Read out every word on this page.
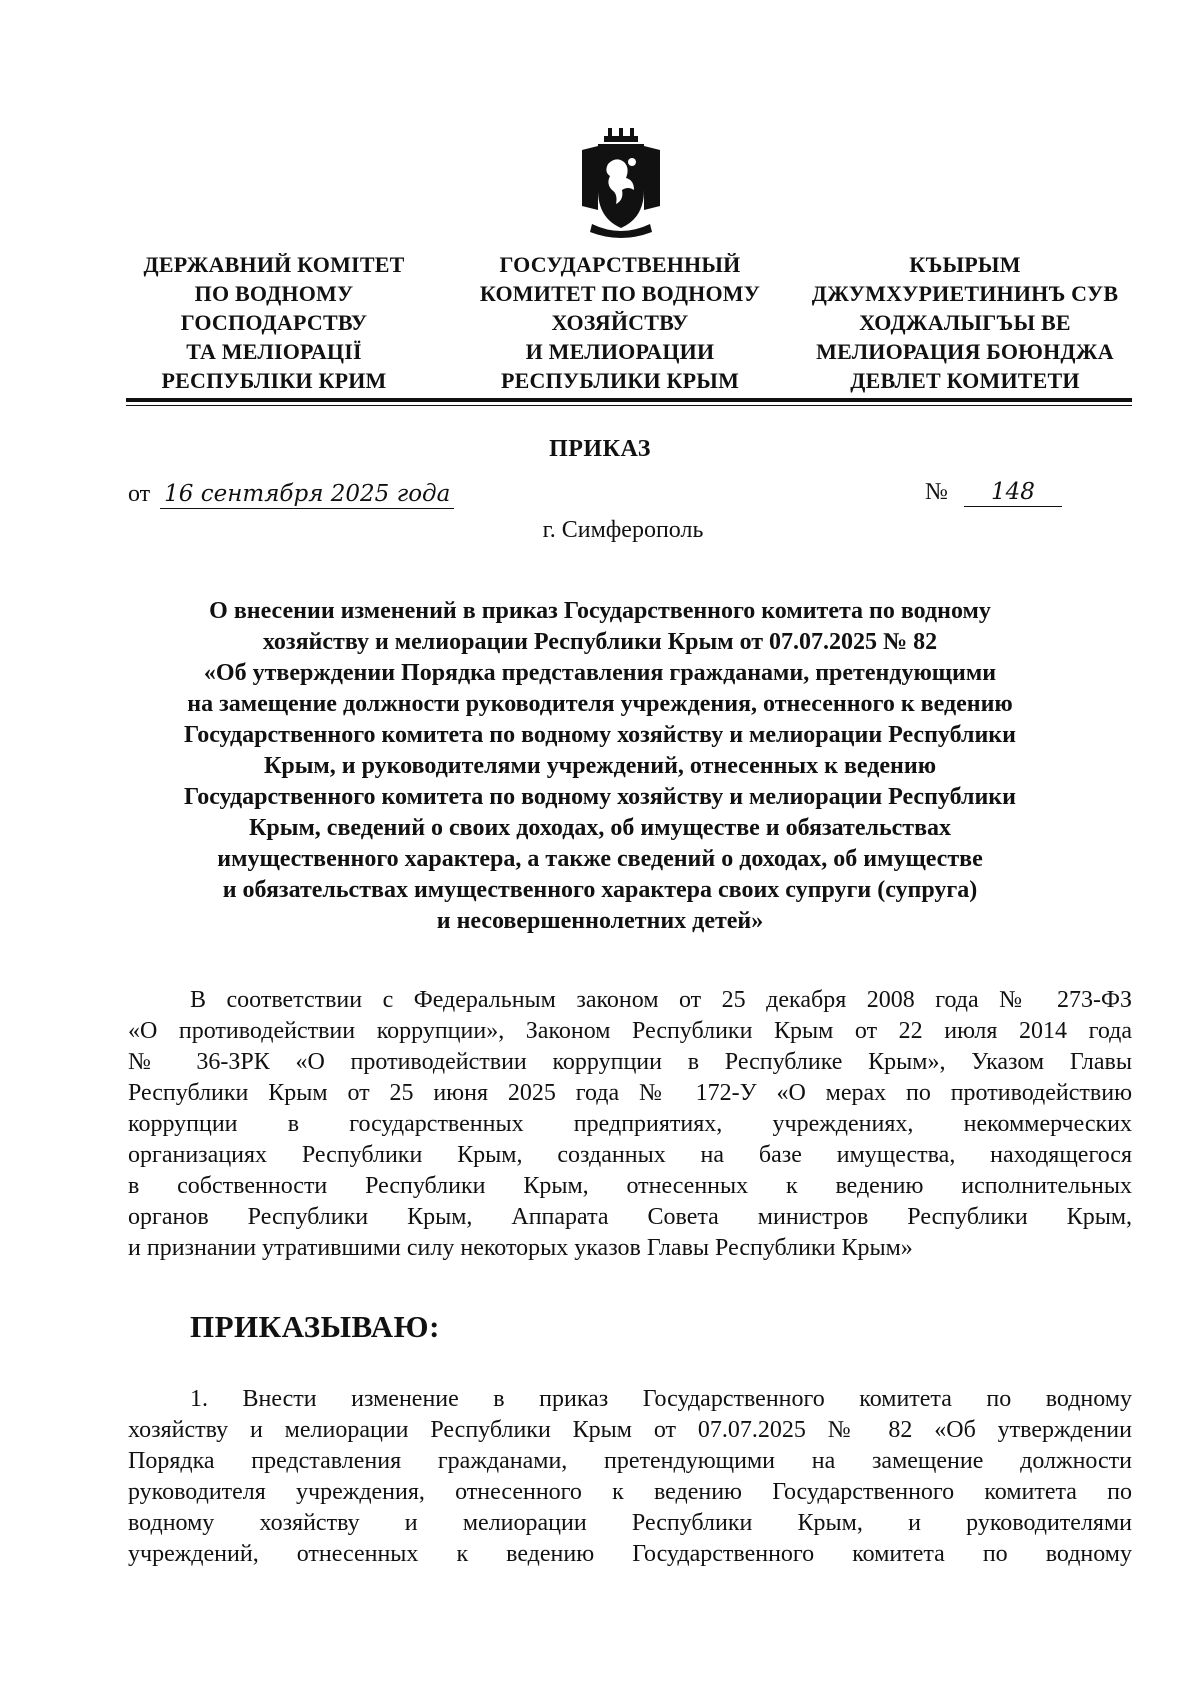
ДЕРЖАВНИЙ КОМІТЕТ
ПО ВОДНОМУ
ГОСПОДАРСТВУ
ТА МЕЛІОРАЦІЇ
РЕСПУБЛІКИ КРИМ
ГОСУДАРСТВЕННЫЙ
КОМИТЕТ ПО ВОДНОМУ
ХОЗЯЙСТВУ
И МЕЛИОРАЦИИ
РЕСПУБЛИКИ КРЫМ
КЪЫРЫМ
ДЖУМХУРИЕТИНИНЪ СУВ
ХОДЖАЛЫГЪЫ ВЕ
МЕЛИОРАЦИЯ БОЮНДЖА
ДЕВЛЕТ КОМИТЕТИ
ПРИКАЗ
от 16 сентября 2025 года	№ 148
г. Симферополь
О внесении изменений в приказ Государственного комитета по водному
хозяйству и мелиорации Республики Крым от 07.07.2025 № 82
«Об утверждении Порядка представления гражданами, претендующими
на замещение должности руководителя учреждения, отнесенного к ведению
Государственного комитета по водному хозяйству и мелиорации Республики
Крым, и руководителями учреждений, отнесенных к ведению
Государственного комитета по водному хозяйству и мелиорации Республики
Крым, сведений о своих доходах, об имуществе и обязательствах
имущественного характера, а также сведений о доходах, об имуществе
и обязательствах имущественного характера своих супруги (супруга)
и несовершеннолетних детей»
В соответствии с Федеральным законом от 25 декабря 2008 года № 273-ФЗ
«О противодействии коррупции», Законом Республики Крым от 22 июля 2014 года
№ 36-ЗРК «О противодействии коррупции в Республике Крым», Указом Главы
Республики Крым от 25 июня 2025 года № 172-У «О мерах по противодействию
коррупции в государственных предприятиях, учреждениях, некоммерческих
организациях Республики Крым, созданных на базе имущества, находящегося
в собственности Республики Крым, отнесенных к ведению исполнительных
органов Республики Крым, Аппарата Совета министров Республики Крым,
и признании утратившими силу некоторых указов Главы Республики Крым»
ПРИКАЗЫВАЮ:
1. Внести изменение в приказ Государственного комитета по водному
хозяйству и мелиорации Республики Крым от 07.07.2025 № 82 «Об утверждении
Порядка представления гражданами, претендующими на замещение должности
руководителя учреждения, отнесенного к ведению Государственного комитета по
водному хозяйству и мелиорации Республики Крым, и руководителями
учреждений, отнесенных к ведению Государственного комитета по водному
